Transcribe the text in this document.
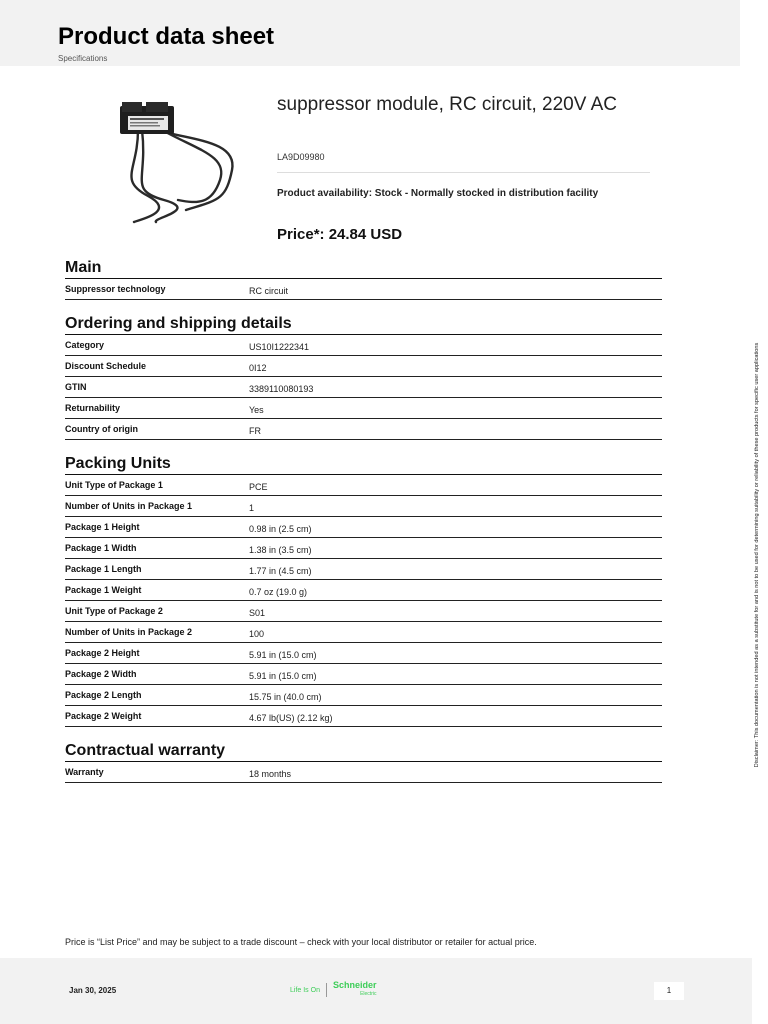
Product data sheet
Specifications
suppressor module, RC circuit, 220V AC
LA9D09980
Product availability: Stock - Normally stocked in distribution facility
Price*: 24.84 USD
Main
Suppressor technology	RC circuit
Ordering and shipping details
Category	US10I1222341
Discount Schedule	0I12
GTIN	3389110080193
Returnability	Yes
Country of origin	FR
Packing Units
Unit Type of Package 1	PCE
Number of Units in Package 1	1
Package 1 Height	0.98 in (2.5 cm)
Package 1 Width	1.38 in (3.5 cm)
Package 1 Length	1.77 in (4.5 cm)
Package 1 Weight	0.7 oz (19.0 g)
Unit Type of Package 2	S01
Number of Units in Package 2	100
Package 2 Height	5.91 in (15.0 cm)
Package 2 Width	5.91 in (15.0 cm)
Package 2 Length	15.75 in (40.0 cm)
Package 2 Weight	4.67 lb(US) (2.12 kg)
Contractual warranty
Warranty	18 months
Price is “List Price” and may be subject to a trade discount – check with your local distributor or retailer for actual price.
Jan 30, 2025	Life Is On Schneider
Electric	1
Disclaimer: This documentation is not intended as a substitute for and is not to be used for determining suitability or reliability of these products for specific user applications
